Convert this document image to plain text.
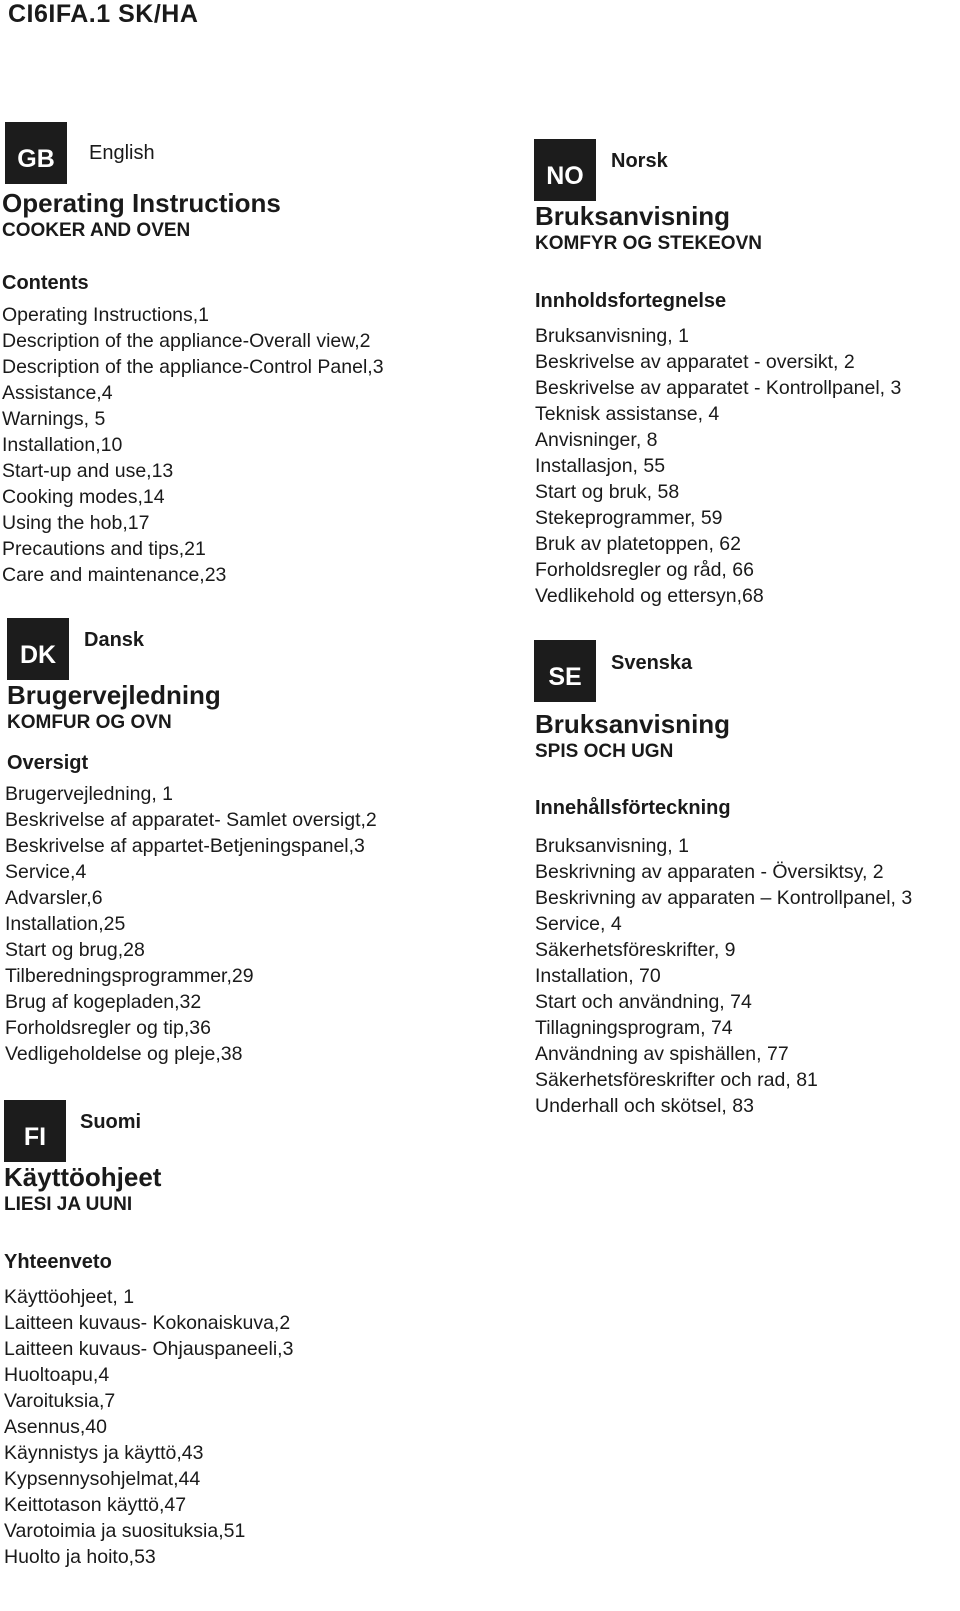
CI6IFA.1 SK/HA
GB	English
Operating Instructions
COOKER AND OVEN
Contents
Operating Instructions,1
Description of the appliance-Overall view,2
Description of the appliance-Control Panel,3
Assistance,4
Warnings, 5
Installation,10
Start-up and use,13
Cooking modes,14
Using the hob,17
Precautions and tips,21
Care and maintenance,23
DK
Dansk
Brugervejledning
KOMFUR OG OVN
Oversigt
Brugervejledning, 1
Beskrivelse af apparatet- Samlet oversigt,2
Beskrivelse af appartet-Betjeningspanel,3
Service,4
Advarsler,6
Installation,25
Start og brug,28
Tilberedningsprogrammer,29
Brug af kogepladen,32
Forholdsregler og tip,36
Vedligeholdelse og pleje,38
FI
Suomi
Käyttöohjeet
LIESI JA UUNI
Yhteenveto
Käyttöohjeet, 1
Laitteen kuvaus- Kokonaiskuva,2
Laitteen kuvaus- Ohjauspaneeli,3
Huoltoapu,4
Varoituksia,7
Asennus,40
Käynnistys ja käyttö,43
Kypsennysohjelmat,44
Keittotason käyttö,47
Varotoimia ja suosituksia,51
Huolto ja hoito,53
NO
Norsk
Bruksanvisning
KOMFYR OG STEKEOVN
Innholdsfortegnelse
Bruksanvisning, 1
Beskrivelse av apparatet - oversikt, 2
Beskrivelse av apparatet - Kontrollpanel, 3
Teknisk assistanse, 4
Anvisninger, 8
Installasjon, 55
Start og bruk, 58
Stekeprogrammer, 59
Bruk av platetoppen, 62
Forholdsregler og råd, 66
Vedlikehold og ettersyn,68
SE	Svenska
Bruksanvisning
SPIS OCH UGN
Innehållsförteckning
Bruksanvisning, 1
Beskrivning av apparaten - Översiktsy, 2
Beskrivning av apparaten – Kontrollpanel, 3
Service, 4
Säkerhetsföreskrifter, 9
Installation, 70
Start och användning, 74
Tillagningsprogram, 74
Användning av spishällen, 77
Säkerhetsföreskrifter och rad, 81
Underhall och skötsel, 83
